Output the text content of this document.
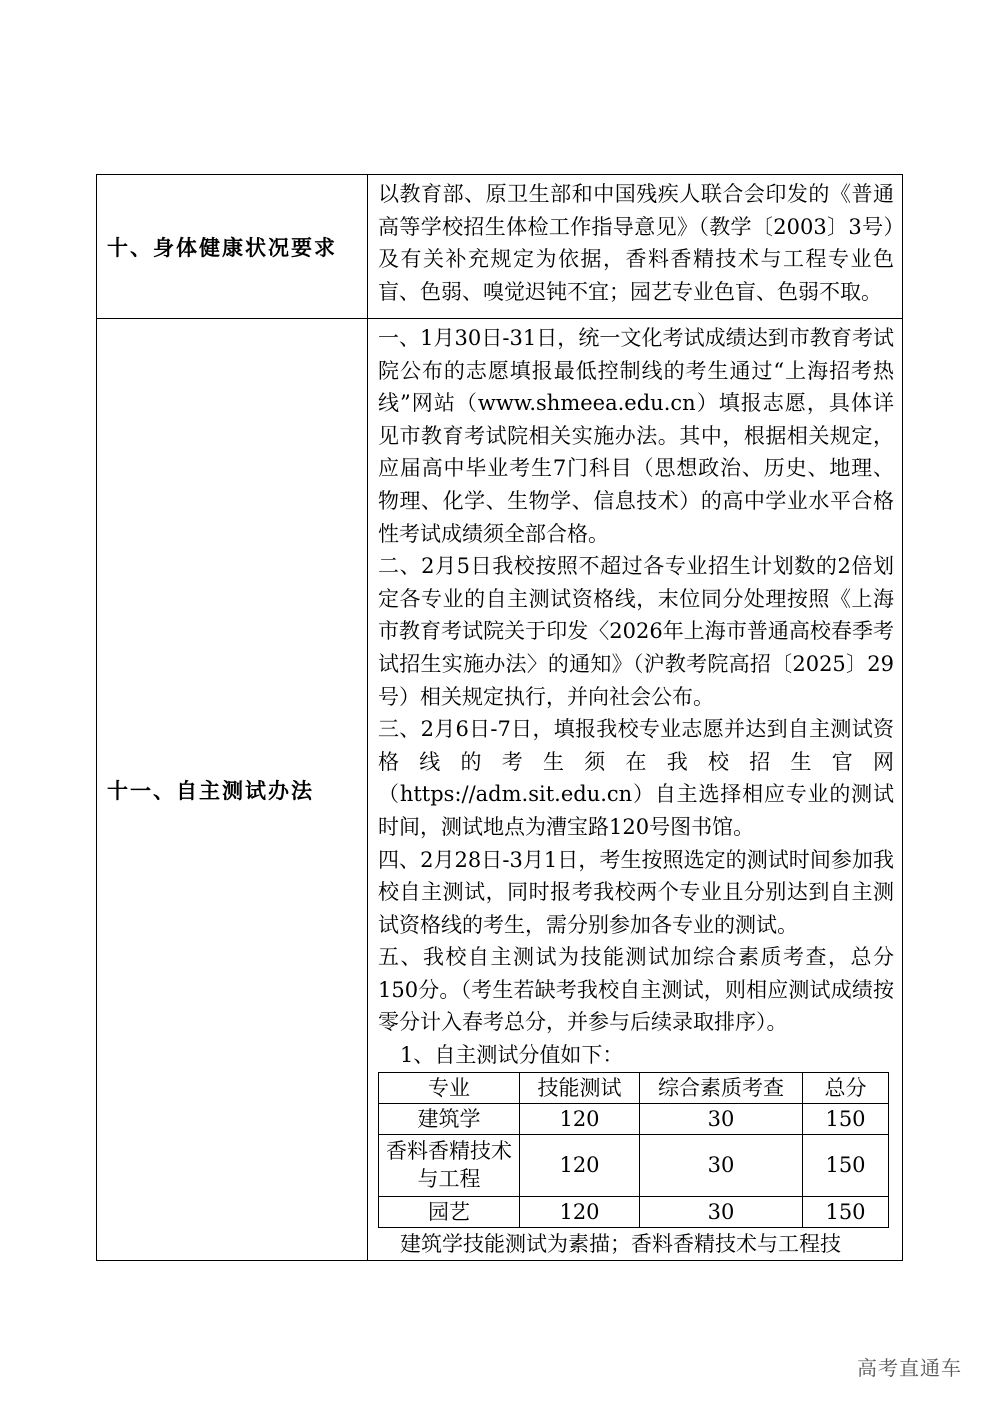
十、身体健康状况要求	

以教育部、原卫生部和中国残疾人联合会印发的《普通高等学校招生体检工作指导意见》（教学〔2003〕3号）及有关补充规定为依据，香料香精技术与工程专业色盲、色弱、嗅觉迟钝不宜；园艺专业色盲、色弱不取。

十一、自主测试办法	

一、1月30日-31日，统一文化考试成绩达到市教育考试院公布的志愿填报最低控制线的考生通过“上海招考热线”网站（www.shmeea.edu.cn）填报志愿，具体详见市教育考试院相关实施办法。其中，根据相关规定，应届高中毕业考生7门科目（思想政治、历史、地理、物理、化学、生物学、信息技术）的高中学业水平合格性考试成绩须全部合格。

二、2月5日我校按照不超过各专业招生计划数的2倍划定各专业的自主测试资格线，末位同分处理按照《上海市教育考试院关于印发〈2026年上海市普通高校春季考试招生实施办法〉的通知》（沪教考院高招〔2025〕29号）相关规定执行，并向社会公布。

三、2月6日-7日，填报我校专业志愿并达到自主测试资格线的考生须在我校招生官网（https://adm.sit.edu.cn）自主选择相应专业的测试时间，测试地点为漕宝路120号图书馆。

四、2月28日-3月1日，考生按照选定的测试时间参加我校自主测试，同时报考我校两个专业且分别达到自主测试资格线的考生，需分别参加各专业的测试。

五、我校自主测试为技能测试加综合素质考查，总分150分。（考生若缺考我校自主测试，则相应测试成绩按零分计入春考总分，并参与后续录取排序）。

1、自主测试分值如下：

专业	技能测试	综合素质考查	总分
建筑学	120	30	150
香料香精技术与工程	120	30	150
园艺	120	30	150

建筑学技能测试为素描；香料香精技术与工程技

高考直通车
